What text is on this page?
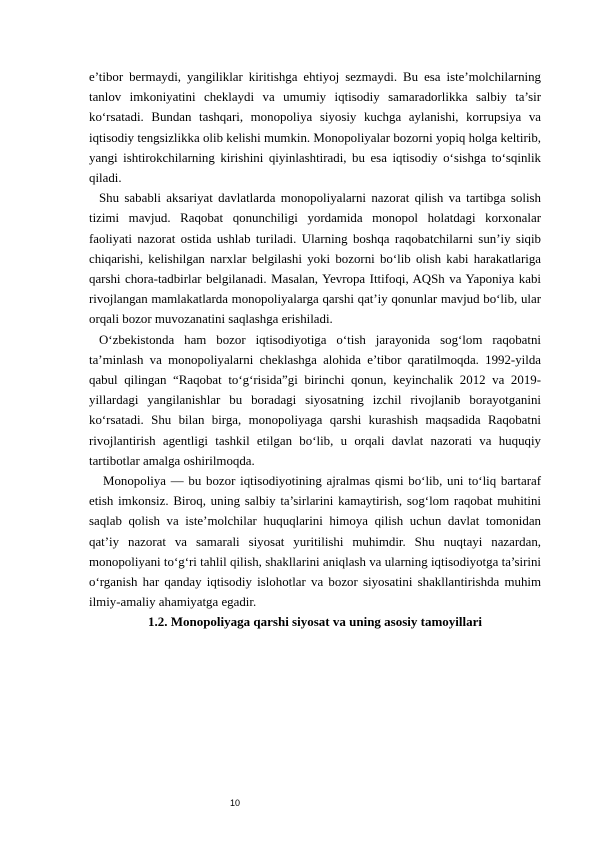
e’tibor bermaydi, yangiliklar kiritishga ehtiyoj sezmaydi. Bu esa iste’molchilarning tanlov imkoniyatini cheklaydi va umumiy iqtisodiy samaradorlikka salbiy ta’sir ko‘rsatadi. Bundan tashqari, monopoliya siyosiy kuchga aylanishi, korrupsiya va iqtisodiy tengsizlikka olib kelishi mumkin. Monopoliyalar bozorni yopiq holga keltirib, yangi ishtirokchilarning kirishini qiyinlashtiradi, bu esa iqtisodiy o‘sishga to‘sqinlik qiladi.

Shu sababli aksariyat davlatlarda monopoliyalarni nazorat qilish va tartibga solish tizimi mavjud. Raqobat qonunchiligi yordamida monopol holatdagi korxonalar faoliyati nazorat ostida ushlab turiladi. Ularning boshqa raqobatchilarni sun’iy siqib chiqarishi, kelishilgan narxlar belgilashi yoki bozorni bo‘lib olish kabi harakatlariga qarshi chora-tadbirlar belgilanadi. Masalan, Yevropa Ittifoqi, AQSh va Yaponiya kabi rivojlangan mamlakatlarda monopoliyalarga qarshi qat’iy qonunlar mavjud bo‘lib, ular orqali bozor muvozanatini saqlashga erishiladi.

O‘zbekistonda ham bozor iqtisodiyotiga o‘tish jarayonida sog‘lom raqobatni ta’minlash va monopoliyalarni cheklashga alohida e’tibor qaratilmoqda. 1992-yilda qabul qilingan “Raqobat to‘g‘risida”gi birinchi qonun, keyinchalik 2012 va 2019-yillardagi yangilanishlar bu boradagi siyosatning izchil rivojlanib borayotganini ko‘rsatadi. Shu bilan birga, monopoliyaga qarshi kurashish maqsadida Raqobatni rivojlantirish agentligi tashkil etilgan bo‘lib, u orqali davlat nazorati va huquqiy tartibotlar amalga oshirilmoqda.

Monopoliya — bu bozor iqtisodiyotining ajralmas qismi bo‘lib, uni to‘liq bartaraf etish imkonsiz. Biroq, uning salbiy ta’sirlarini kamaytirish, sog‘lom raqobat muhitini saqlab qolish va iste’molchilar huquqlarini himoya qilish uchun davlat tomonidan qat’iy nazorat va samarali siyosat yuritilishi muhimdir. Shu nuqtayi nazardan, monopoliyani to‘g‘ri tahlil qilish, shakllarini aniqlash va ularning iqtisodiyotga ta’sirini o‘rganish har qanday iqtisodiy islohotlar va bozor siyosatini shakllantirishda muhim ilmiy-amaliy ahamiyatga egadir.

1.2. Monopoliyaga qarshi siyosat va uning asosiy tamoyillari

10
